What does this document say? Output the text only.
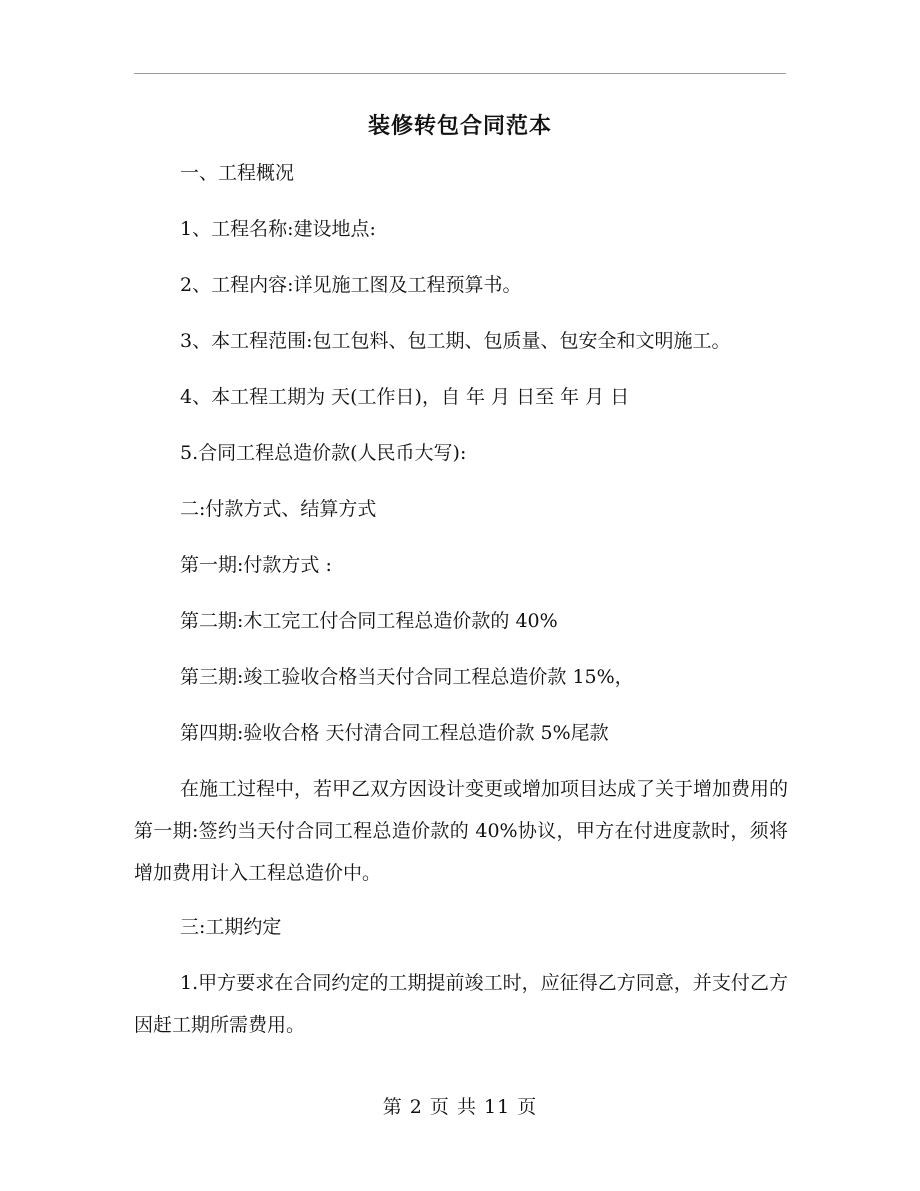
装修转包合同范本
一、工程概况
1、工程名称:建设地点:
2、工程内容:详见施工图及工程预算书。
3、本工程范围:包工包料、包工期、包质量、包安全和文明施工。
4、本工程工期为 天(工作日)，自 年 月 日至 年 月 日
5.合同工程总造价款(人民币大写):
二:付款方式、结算方式
第一期:付款方式 :
第二期:木工完工付合同工程总造价款的 40%
第三期:竣工验收合格当天付合同工程总造价款 15%，
第四期:验收合格 天付清合同工程总造价款 5%尾款

在施工过程中，若甲乙双方因设计变更或增加项目达成了关于增加费用的第一期:签约当天付合同工程总造价款的 40%协议，甲方在付进度款时，须将增加费用计入工程总造价中。

三:工期约定

1.甲方要求在合同约定的工期提前竣工时，应征得乙方同意，并支付乙方因赶工期所需费用。

第 2 页 共 11 页
